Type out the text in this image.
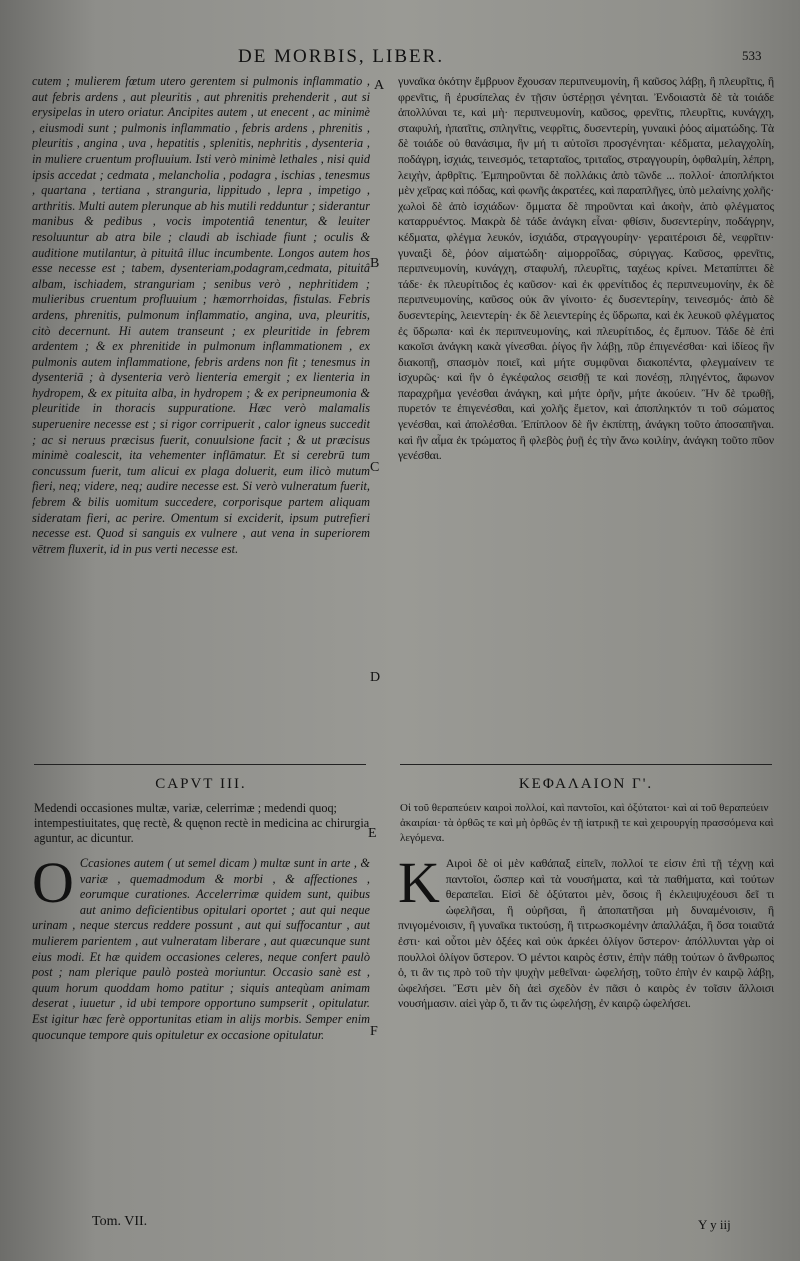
DE MORBIS, LIBER.	533

cutem ; mulierem fœtum utero gerentem si pulmonis inflammatio , aut febris ardens , aut pleuritis , aut phrenitis prehenderit , aut si erysipelas in utero oriatur. Ancipites autem , ut enecent , ac minimè , eiusmodi sunt ; pulmonis inflammatio , febris ardens , phrenitis , pleuritis , angina , uva , hepatitis , splenitis, nephritis , dysenteria , in muliere cruentum profluuium. Isti verò minimè lethales , nisi quid ipsis accedat ; cedmata , melancholia , podagra , ischias , tenesmus , quartana , tertiana , stranguria, lippitudo , lepra , impetigo , arthritis. Multi autem plerunque ab his mutili redduntur ; siderantur manibus & pedibus , vocis impotentiâ tenentur, & leuiter resoluuntur ab atra bile ; claudi ab ischiade fiunt ; oculis & auditione mutilantur, à pituitâ illuc incumbente. Longos autem hos esse necesse est ; tabem, dysenteriam,podagram,cedmata, pituitâ albam, ischiadem, stranguriam ; senibus verò , nephritidem ; mulieribus cruentum profluuium ; hæmorrhoidas, fistulas. Febris ardens, phrenitis, pulmonum inflammatio, angina, uva, pleuritis, citò decernunt. Hi autem transeunt ; ex pleuritide in febrem ardentem ; & ex phrenitide in pulmonum inflammationem , ex pulmonis autem inflammatione, febris ardens non fit ; tenesmus in dysenteriā ; à dysenteria verò lienteria emergit ; ex lienteria in hydropem, & ex pituita alba, in hydropem ; & ex peripneumonia & pleuritide in thoracis suppuratione. Hæc verò malamalis superuenire necesse est ; si rigor corripuerit , calor igneus succedit ; ac si neruus præcisus fuerit, conuulsione facit ; & ut præcisus minimè coalescit, ita vehementer inflāmatur. Et si cerebrū tum concussum fuerit, tum alicui ex plaga doluerit, eum ilicò mutum fieri, neq; videre, neq; audire necesse est. Si verò vulneratum fuerit, febrem & bilis uomitum succedere, corporisque partem aliquam sideratam fieri, ac perire. Omentum si exciderit, ipsum putrefieri necesse est. Quod si sanguis ex vulnere , aut vena in superiorem vētrem fluxerit, id in pus verti necesse est.

γυναῖκα ὀκότην ἔμβρυον ἔχουσαν περιπνευμονίη, ἢ καῦσος λάβῃ, ἢ πλευρῖτις, ἢ φρενῖτις, ἢ ἐρυσίπελας ἐν τῇσιν ὑστέρῃσι γένηται. Ἐνδοιαστὰ δὲ τὰ τοιάδε ἀπολλύναι τε, καὶ μὴ· περιπνευμονίη, καῦσος, φρενῖτις, πλευρῖτις, κυνάγχη, σταφυλή, ἡπατῖτις, σπληνῖτις, νεφρῖτις, δυσεντερίη, γυναικὶ ῥόος αἱματώδης. Τὰ δὲ τοιάδε οὐ θανάσιμα, ἢν μή τι αὐτοῖσι προσγένηται· κέδματα, μελαγχολίη, ποδάγρη, ἰσχιάς, τεινεσμός, τεταρταῖος, τριταῖος, στραγγουρίη, ὀφθαλμίη, λέπρη, λειχὴν, ἀρθρῖτις. Ἐμπηροῦνται δὲ πολλάκις ἀπὸ τῶνδε ... πολλοί· ἀποπλήκτοι μὲν χεῖρας καὶ πόδας, καὶ φωνῆς ἀκρατέες, καὶ παραπλῆγες, ὑπὸ μελαίνης χολῆς· χωλοὶ δὲ ἀπὸ ἰσχιάδων· ὄμματα δὲ πηροῦνται καὶ ἀκοὴν, ἀπὸ φλέγματος καταρρυέντος. Μακρὰ δὲ τάδε ἀνάγκη εἶναι· φθίσιν, δυσεντερίην, ποδάγρην, κέδματα, φλέγμα λευκόν, ἰσχιάδα, στραγγουρίην· γεραιτέροισι δὲ, νεφρῖτιν· γυναιξὶ δὲ, ῥόον αἱματώδη· αἱμορροΐδας, σύριγγας. Καῦσος, φρενῖτις, περιπνευμονίη, κυνάγχη, σταφυλή, πλευρῖτις, ταχέως κρίνει. Μεταπίπτει δὲ τάδε· ἐκ πλευρίτιδος ἐς καῦσον· καὶ ἐκ φρενίτιδος ἐς περιπνευμονίην, ἐκ δὲ περιπνευμονίης, καῦσος οὐκ ἂν γίνοιτο· ἐς δυσεντερίην, τεινεσμός· ἀπὸ δὲ δυσεντερίης, λειεντερίη· ἐκ δὲ λειεντερίης ἐς ὕδρωπα, καὶ ἐκ λευκοῦ φλέγματος ἐς ὕδρωπα· καὶ ἐκ περιπνευμονίης, καὶ πλευρίτιδος, ἐς ἔμπυον. Τάδε δὲ ἐπὶ κακοῖσι ἀνάγκη κακὰ γίνεσθαι. ῥίγος ἢν λάβῃ, πῦρ ἐπιγενέσθαι· καὶ ἰδίεος ἢν διακοπῇ, σπασμὸν ποιεῖ, καὶ μήτε συμφῦναι διακοπέντα, φλεγμαίνειν τε ἰσχυρῶς· καὶ ἢν ὁ ἐγκέφαλος σεισθῇ τε καὶ πονέσῃ, πληγέντος, ἄφωνον παραχρῆμα γενέσθαι ἀνάγκη, καὶ μήτε ὁρῆν, μήτε ἀκούειν. Ἢν δὲ τρωθῇ, πυρετόν τε ἐπιγενέσθαι, καὶ χολῆς ἔμετον, καὶ ἀποπληκτόν τι τοῦ σώματος γενέσθαι, καὶ ἀπολέσθαι. Ἐπίπλοον δὲ ἢν ἐκπίπτῃ, ἀνάγκη τοῦτο ἀποσαπῆναι. καὶ ἢν αἷμα ἐκ τρώματος ἢ φλεβὸς ῥυῇ ἐς τὴν ἄνω κοιλίην, ἀνάγκη τοῦτο πῦον γενέσθαι.

A
B
C
D
E
F
CAPVT III.	ΚΕΦΑΛΑΙΟΝ Γ'.
Medendi occasiones multæ, variæ, celerrimæ ; medendi quoq; intempestiuitates, quę rectè, & quęnon rectè in medicina ac chirurgia aguntur, ac dicuntur.
Οἱ τοῦ θεραπεύειν καιροὶ πολλοί, καὶ παντοῖοι, καὶ ὀξύτατοι· καὶ αἱ τοῦ θεραπεύειν ἀκαιρίαι· τὰ ὀρθῶς τε καὶ μὴ ὀρθῶς ἐν τῇ ἰατρικῇ τε καὶ χειρουργίῃ πρασσόμενα καὶ λεγόμενα.
O Ccasiones autem ( ut semel dicam ) multæ sunt in arte , & variæ , quemadmodum & morbi , & affectiones , eorumque curationes. Accelerrimæ quidem sunt, quibus aut animo deficientibus opitulari oportet ; aut qui neque urinam , neque stercus reddere possunt , aut qui suffocantur , aut mulierem parientem , aut vulneratam liberare , aut quæcunque sunt eius modi. Et hæ quidem occasiones celeres, neque confert paulò post ; nam plerique paulò posteà moriuntur. Occasio sanè est , quum horum quoddam homo patitur ; siquis anteqùam animam deserat , iuuetur , id ubi tempore opportuno sumpserit , opitulatur. Est igitur hæc ferè opportunitas etiam in alijs morbis. Semper enim quocunque tempore quis opituletur ex occasione opitulatur.

K Αιροὶ δὲ οἱ μὲν καθάπαξ εἰπεῖν, πολλοί τε εἰσιν ἐπὶ τῇ τέχνῃ καὶ παντοῖοι, ὥσπερ καὶ τὰ νουσήματα, καὶ τὰ παθήματα, καὶ τούτων θεραπεῖαι. Εἰσὶ δὲ ὀξύτατοι μὲν, ὅσοις ἢ ἐκλειψυχέουσι δεῖ τι ὠφελῆσαι, ἢ οὐρῆσαι, ἢ ἀποπατῆσαι μὴ δυναμένοισιν, ἢ πνιγομένοισιν, ἢ γυναῖκα τικτούσῃ, ἢ τιτρωσκομένην ἀπαλλάξαι, ἢ ὅσα τοιαῦτά ἐστι· καὶ οὗτοι μὲν ὀξέες καὶ οὐκ ἀρκέει ὀλίγον ὕστερον· ἀπόλλυνται γὰρ οἱ πουλλοὶ ὀλίγον ὕστερον. Ὁ μέντοι καιρὸς ἐστιν, ἐπὴν πάθῃ τούτων ὁ ἄνθρωπος ὁ, τι ἂν τις πρὸ τοῦ τὴν ψυχὴν μεθεῖναι· ὠφελήσῃ, τοῦτο ἐπὴν ἐν καιρῷ λάβῃ, ὠφελήσει. Ἔστι μὲν δὴ ἀεὶ σχεδὸν ἐν πᾶσι ὁ καιρὸς ἐν τοῖσιν ἄλλοισι νουσήμασιν. αἰεὶ γὰρ ὅ, τι ἄν τις ὠφελήσῃ, ἐν καιρῷ ὠφελήσει.

Tom. VII.	Y y iij
